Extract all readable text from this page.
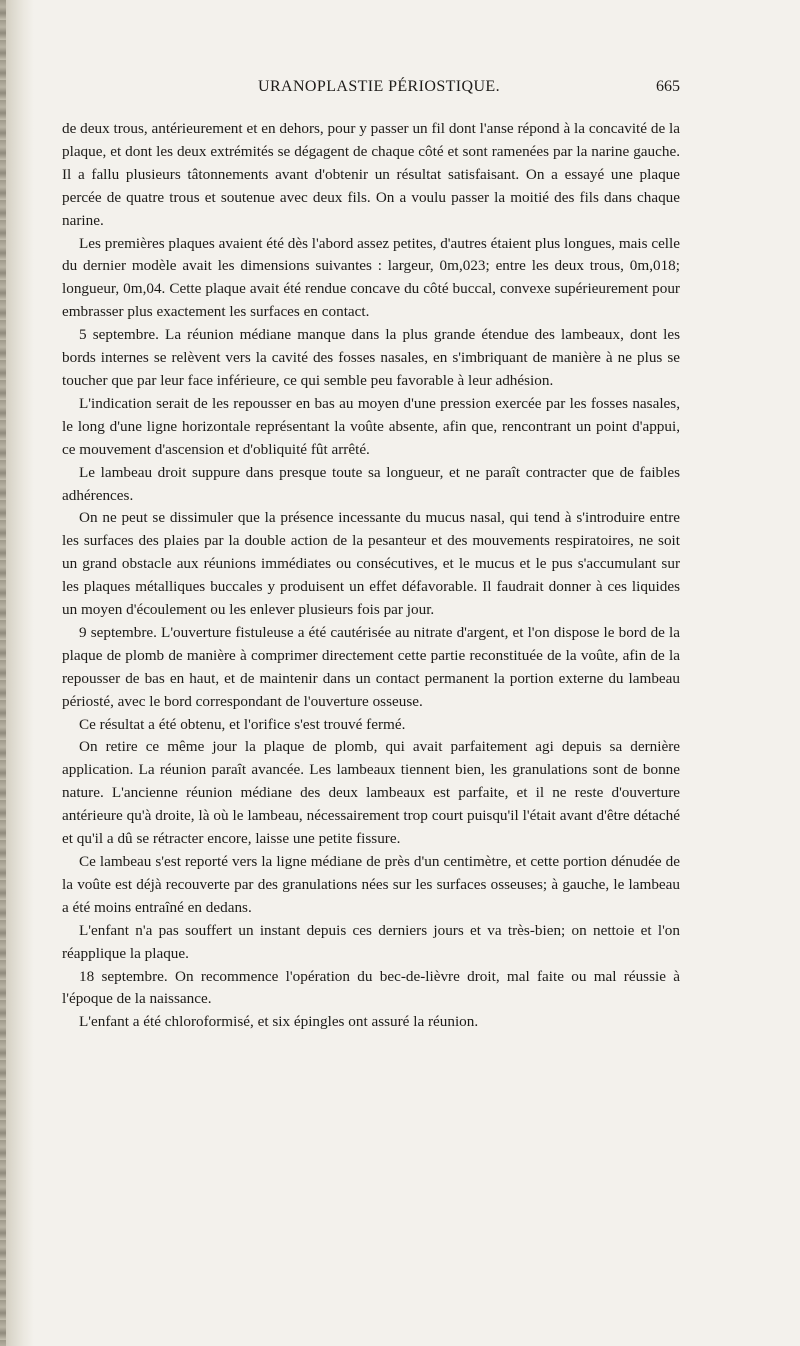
URANOPLASTIE PÉRIOSTIQUE.	665

de deux trous, antérieurement et en dehors, pour y passer un fil dont l'anse répond à la concavité de la plaque, et dont les deux extrémités se dégagent de chaque côté et sont ramenées par la narine gauche. Il a fallu plusieurs tâtonnements avant d'obtenir un résultat satisfaisant. On a essayé une plaque percée de quatre trous et soutenue avec deux fils. On a voulu passer la moitié des fils dans chaque narine.

Les premières plaques avaient été dès l'abord assez petites, d'autres étaient plus longues, mais celle du dernier modèle avait les dimensions suivantes : largeur, 0m,023; entre les deux trous, 0m,018; longueur, 0m,04. Cette plaque avait été rendue concave du côté buccal, convexe supérieurement pour embrasser plus exactement les surfaces en contact.

5 septembre. La réunion médiane manque dans la plus grande étendue des lambeaux, dont les bords internes se relèvent vers la cavité des fosses nasales, en s'imbriquant de manière à ne plus se toucher que par leur face inférieure, ce qui semble peu favorable à leur adhésion.

L'indication serait de les repousser en bas au moyen d'une pression exercée par les fosses nasales, le long d'une ligne horizontale représentant la voûte absente, afin que, rencontrant un point d'appui, ce mouvement d'ascension et d'obliquité fût arrêté.

Le lambeau droit suppure dans presque toute sa longueur, et ne paraît contracter que de faibles adhérences.

On ne peut se dissimuler que la présence incessante du mucus nasal, qui tend à s'introduire entre les surfaces des plaies par la double action de la pesanteur et des mouvements respiratoires, ne soit un grand obstacle aux réunions immédiates ou consécutives, et le mucus et le pus s'accumulant sur les plaques métalliques buccales y produisent un effet défavorable. Il faudrait donner à ces liquides un moyen d'écoulement ou les enlever plusieurs fois par jour.

9 septembre. L'ouverture fistuleuse a été cautérisée au nitrate d'argent, et l'on dispose le bord de la plaque de plomb de manière à comprimer directement cette partie reconstituée de la voûte, afin de la repousser de bas en haut, et de maintenir dans un contact permanent la portion externe du lambeau périosté, avec le bord correspondant de l'ouverture osseuse.

Ce résultat a été obtenu, et l'orifice s'est trouvé fermé.

On retire ce même jour la plaque de plomb, qui avait parfaitement agi depuis sa dernière application. La réunion paraît avancée. Les lambeaux tiennent bien, les granulations sont de bonne nature. L'ancienne réunion médiane des deux lambeaux est parfaite, et il ne reste d'ouverture antérieure qu'à droite, là où le lambeau, nécessairement trop court puisqu'il l'était avant d'être détaché et qu'il a dû se rétracter encore, laisse une petite fissure.

Ce lambeau s'est reporté vers la ligne médiane de près d'un centimètre, et cette portion dénudée de la voûte est déjà recouverte par des granulations nées sur les surfaces osseuses; à gauche, le lambeau a été moins entraîné en dedans.

L'enfant n'a pas souffert un instant depuis ces derniers jours et va très-bien; on nettoie et l'on réapplique la plaque.

18 septembre. On recommence l'opération du bec-de-lièvre droit, mal faite ou mal réussie à l'époque de la naissance.

L'enfant a été chloroformisé, et six épingles ont assuré la réunion.
